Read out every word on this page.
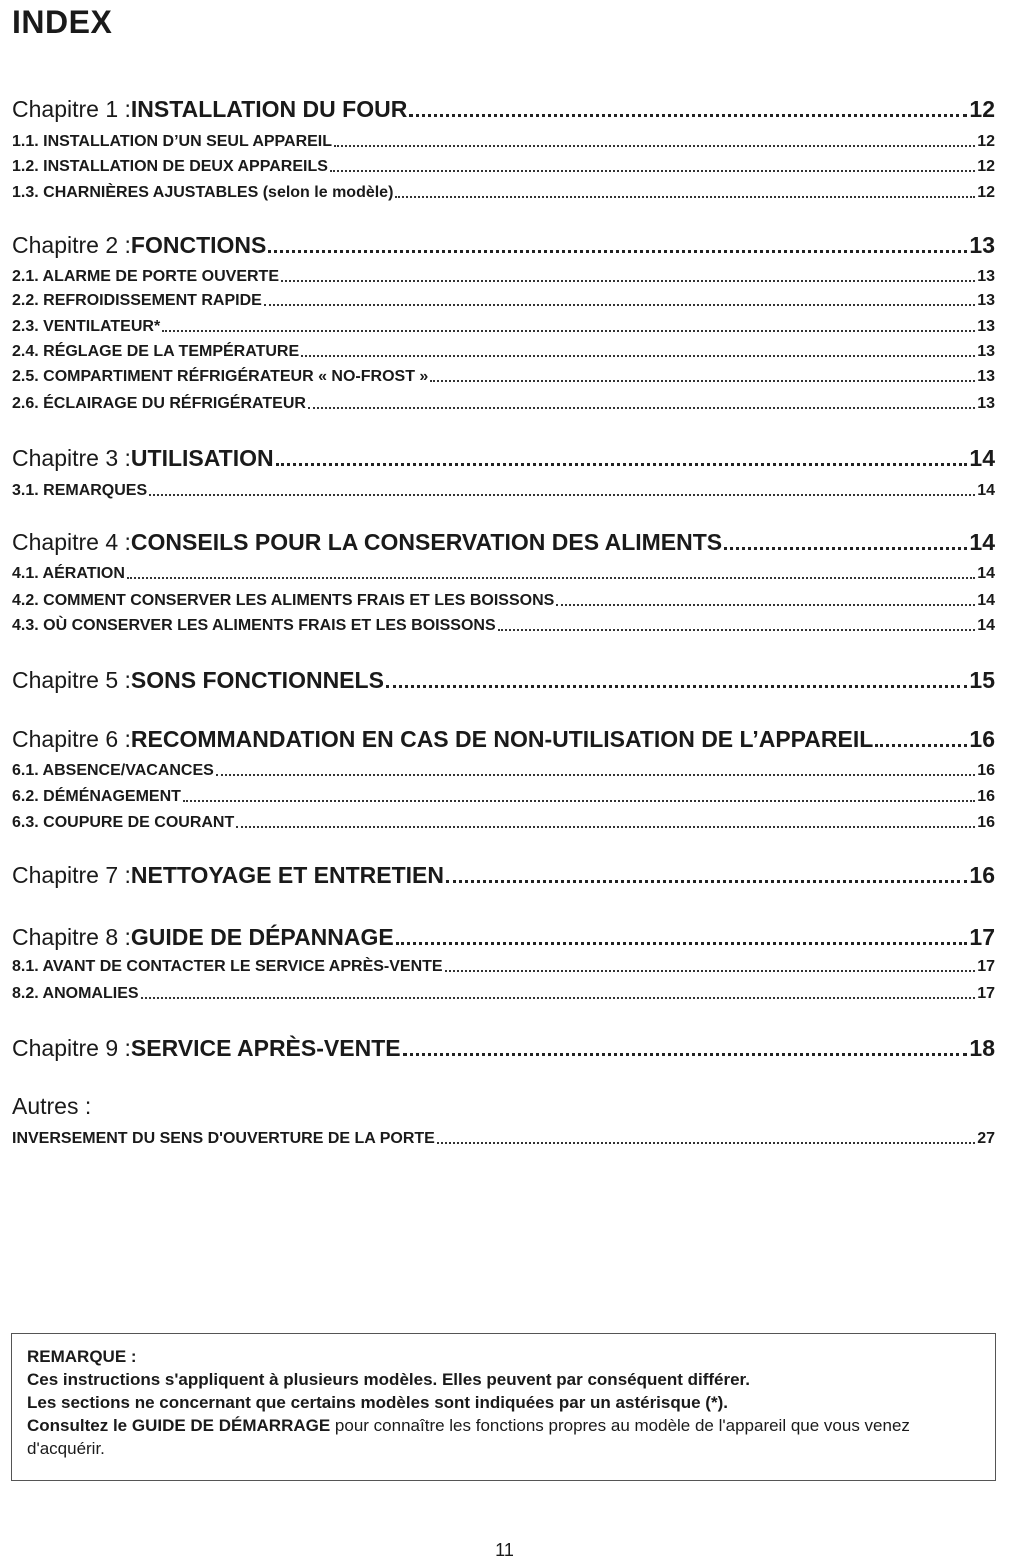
INDEX
Chapitre 1 : INSTALLATION DU FOUR	12
1.1. INSTALLATION D’UN SEUL APPAREIL	12
1.2. INSTALLATION DE DEUX APPAREILS	12
1.3. CHARNIÈRES AJUSTABLES (selon le modèle)	12
Chapitre 2 : FONCTIONS	13
2.1. ALARME DE PORTE OUVERTE	13
2.2. REFROIDISSEMENT RAPIDE	13
2.3. VENTILATEUR*	13
2.4. RÉGLAGE DE LA TEMPÉRATURE	13
2.5. COMPARTIMENT RÉFRIGÉRATEUR « NO-FROST »	13
2.6. ÉCLAIRAGE DU RÉFRIGÉRATEUR	13
Chapitre 3 : UTILISATION	14
3.1. REMARQUES	14
Chapitre 4 : CONSEILS POUR LA CONSERVATION DES ALIMENTS	14
4.1. AÉRATION	14
4.2. COMMENT CONSERVER LES ALIMENTS FRAIS ET LES BOISSONS	14
4.3. OÙ CONSERVER LES ALIMENTS FRAIS ET LES BOISSONS	14
Chapitre 5 : SONS FONCTIONNELS	15
Chapitre 6 : RECOMMANDATION EN CAS DE NON-UTILISATION DE L’APPAREIL	16
6.1. ABSENCE/VACANCES	16
6.2. DÉMÉNAGEMENT	16
6.3. COUPURE DE COURANT	16
Chapitre 7 : NETTOYAGE ET ENTRETIEN	16
Chapitre 8 : GUIDE DE DÉPANNAGE	17
8.1. AVANT DE CONTACTER LE SERVICE APRÈS-VENTE	17
8.2. ANOMALIES	17
Chapitre 9 : SERVICE APRÈS-VENTE	18

Autres :

INVERSEMENT DU SENS D'OUVERTURE DE LA PORTE	27

REMARQUE :

Ces instructions s'appliquent à plusieurs modèles. Elles peuvent par conséquent différer.

Les sections ne concernant que certains modèles sont indiquées par un astérisque (*).

Consultez le GUIDE DE DÉMARRAGE pour connaître les fonctions propres au modèle de l'appareil que vous venez d'acquérir.

11
